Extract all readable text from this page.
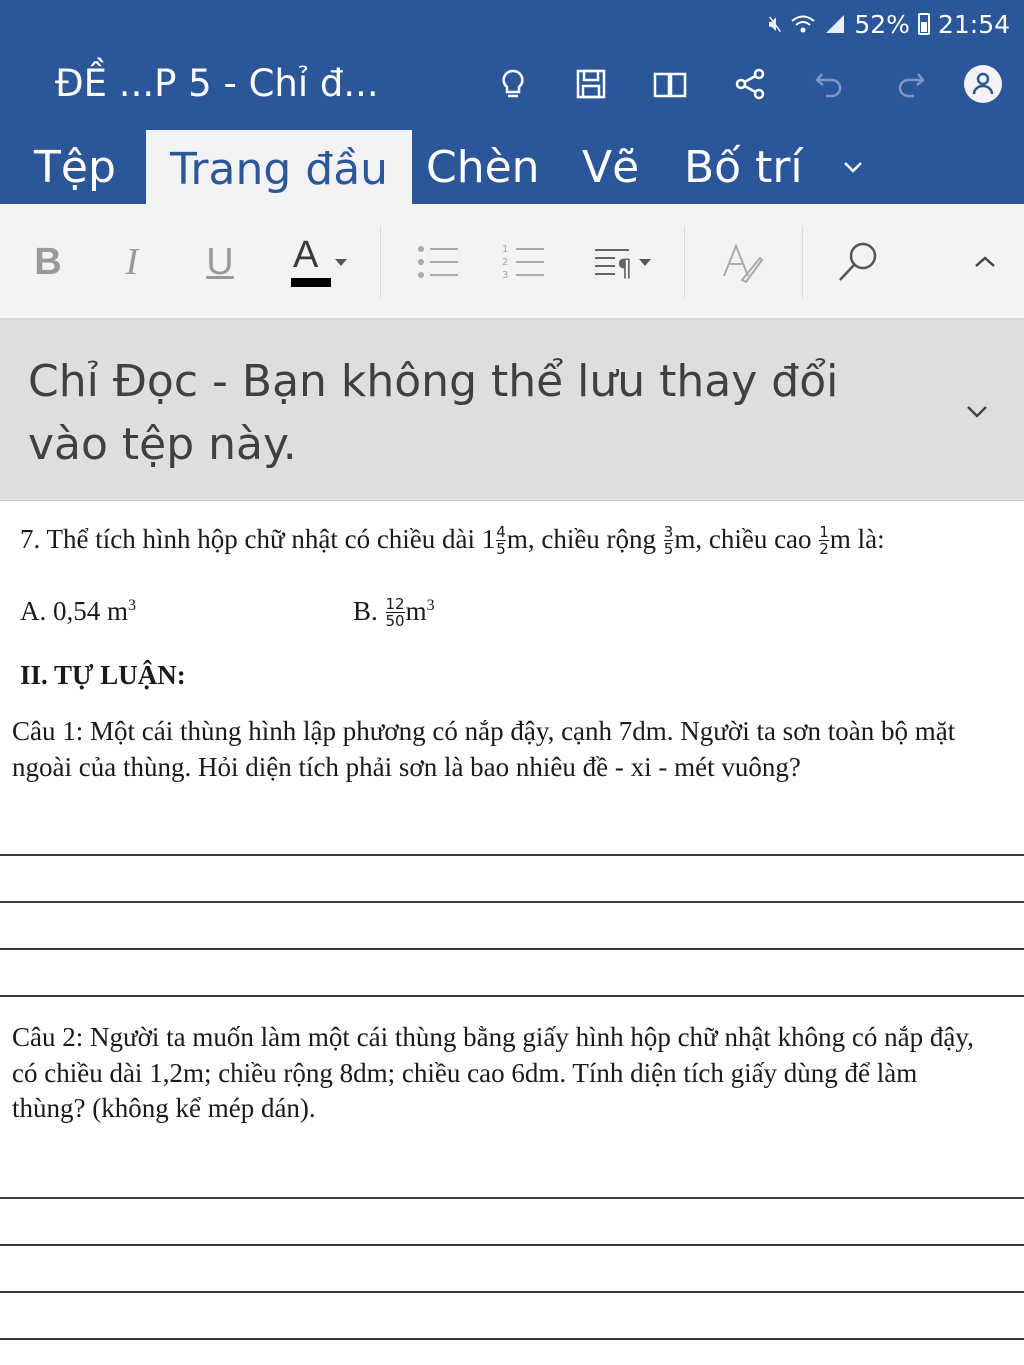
🔇︎	52% 21:54
ĐỀ ...P 5 - Chỉ đ...
Tệp	Trang đầu Chèn Vẽ Bố trí
B	I	U A	1
2
3	¶
Chỉ Đọc - Bạn không thể lưu thay đổi vào tệp này.
7. Thể tích hình hộp chữ nhật có chiều dài $1 \frac{4}{5} m$, chiều rộng $\frac{3}{5} m$, chiều cao $\frac{1}{2}$ m là:
A. 0,54 $m^3$	B. $\frac{12}{50} m^3$
II. TỰ LUẬN:
Câu 1: Một cái thùng hình lập phương có nắp đậy, cạnh 7dm. Người ta sơn toàn bộ mặt
ngoài của thùng. Hỏi diện tích phải sơn là bao nhiêu đề - xi - mét vuông?
Câu 2: Người ta muốn làm một cái thùng bằng giấy hình hộp chữ nhật không có nắp đậy,
có chiều dài 1,2m; chiều rộng 8dm; chiều cao 6dm. Tính diện tích giấy dùng để làm
thùng? (không kể mép dán).
